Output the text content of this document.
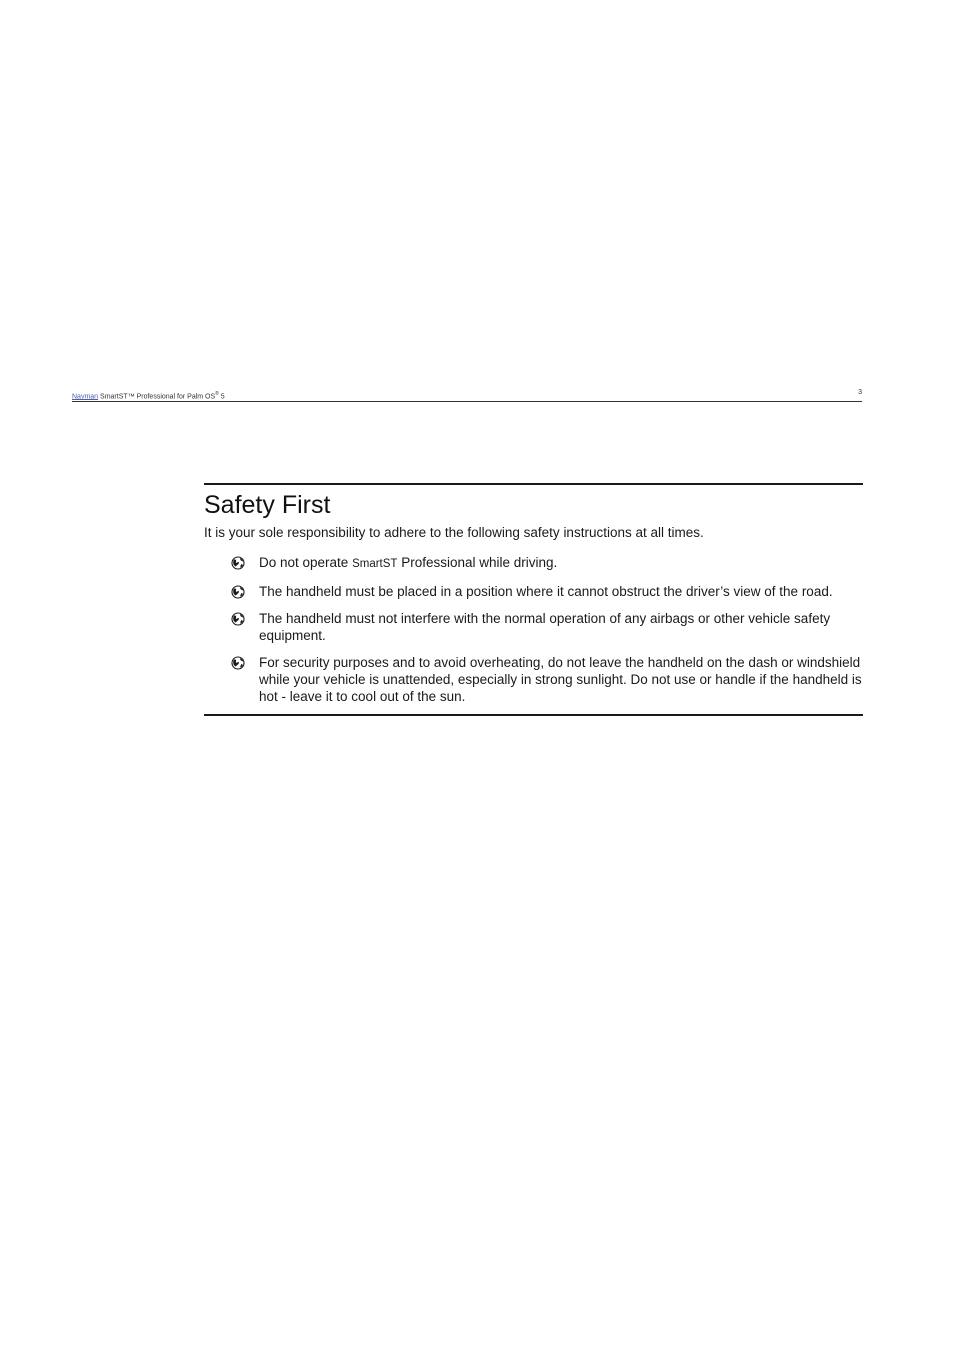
Navman SmartST™ Professional for Palm OS® 5
3
Safety First

It is your sole responsibility to adhere to the following safety instructions at all times.

Do not operate SmartST Professional while driving.
The handheld must be placed in a position where it cannot obstruct the driver’s view of the road.
The handheld must not interfere with the normal operation of any airbags or other vehicle safety equipment.
For security purposes and to avoid overheating, do not leave the handheld on the dash or windshield while your vehicle is unattended, especially in strong sunlight. Do not use or handle if the handheld is hot - leave it to cool out of the sun.
